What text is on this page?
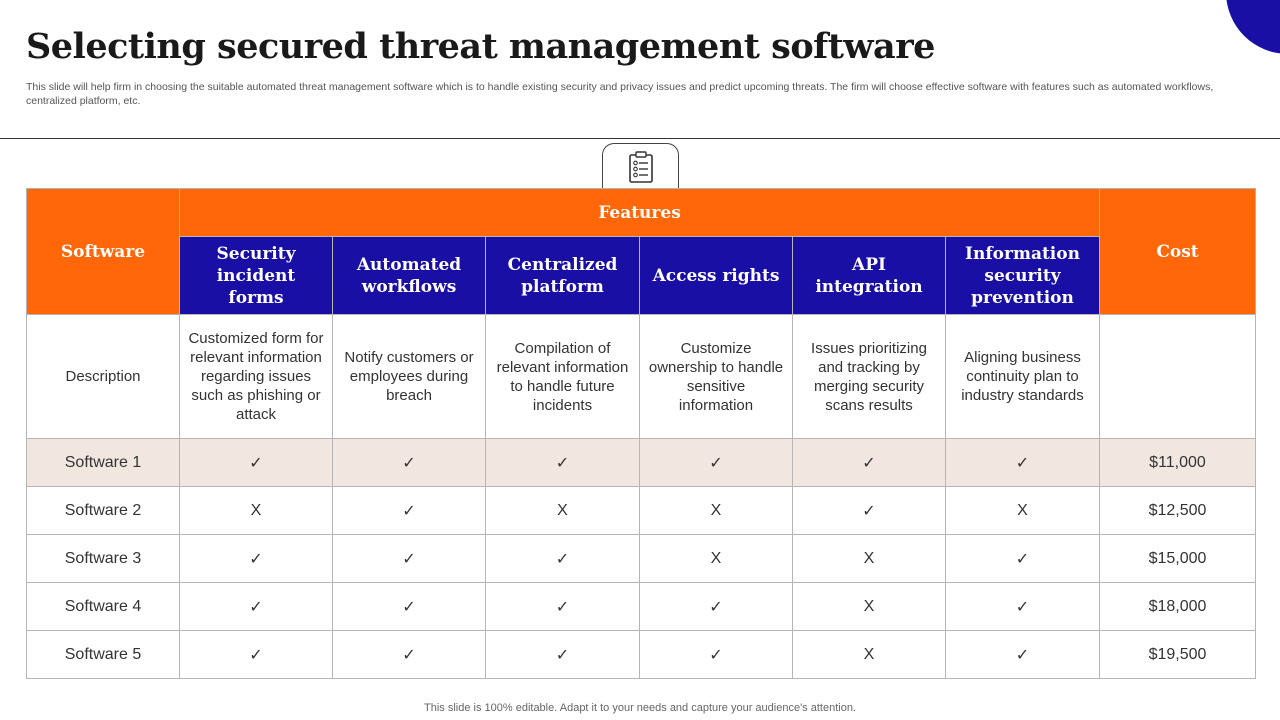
Selecting secured threat management software

This slide will help firm in choosing the suitable automated threat management software which is to handle existing security and privacy issues and predict upcoming threats. The firm will choose effective software with features such as automated workflows, centralized platform, etc.

Software	Features						Cost
	Security incident forms	Automated workflows	Centralized platform	Access rights	API integration	Information security prevention	
Description	Customized form for relevant information regarding issues such as phishing or attack	Notify customers or employees during breach	Compilation of relevant information to handle future incidents	Customize ownership to handle sensitive information	Issues prioritizing and tracking by merging security scans results	Aligning business continuity plan to industry standards	
Software 1	✓	✓	✓	✓	✓	✓	$11,000
Software 2	X	✓	X	X	✓	X	$12,500
Software 3	✓	✓	✓	X	X	✓	$15,000
Software 4	✓	✓	✓	✓	X	✓	$18,000
Software 5	✓	✓	✓	✓	X	✓	$19,500
This slide is 100% editable. Adapt it to your needs and capture your audience's attention.
